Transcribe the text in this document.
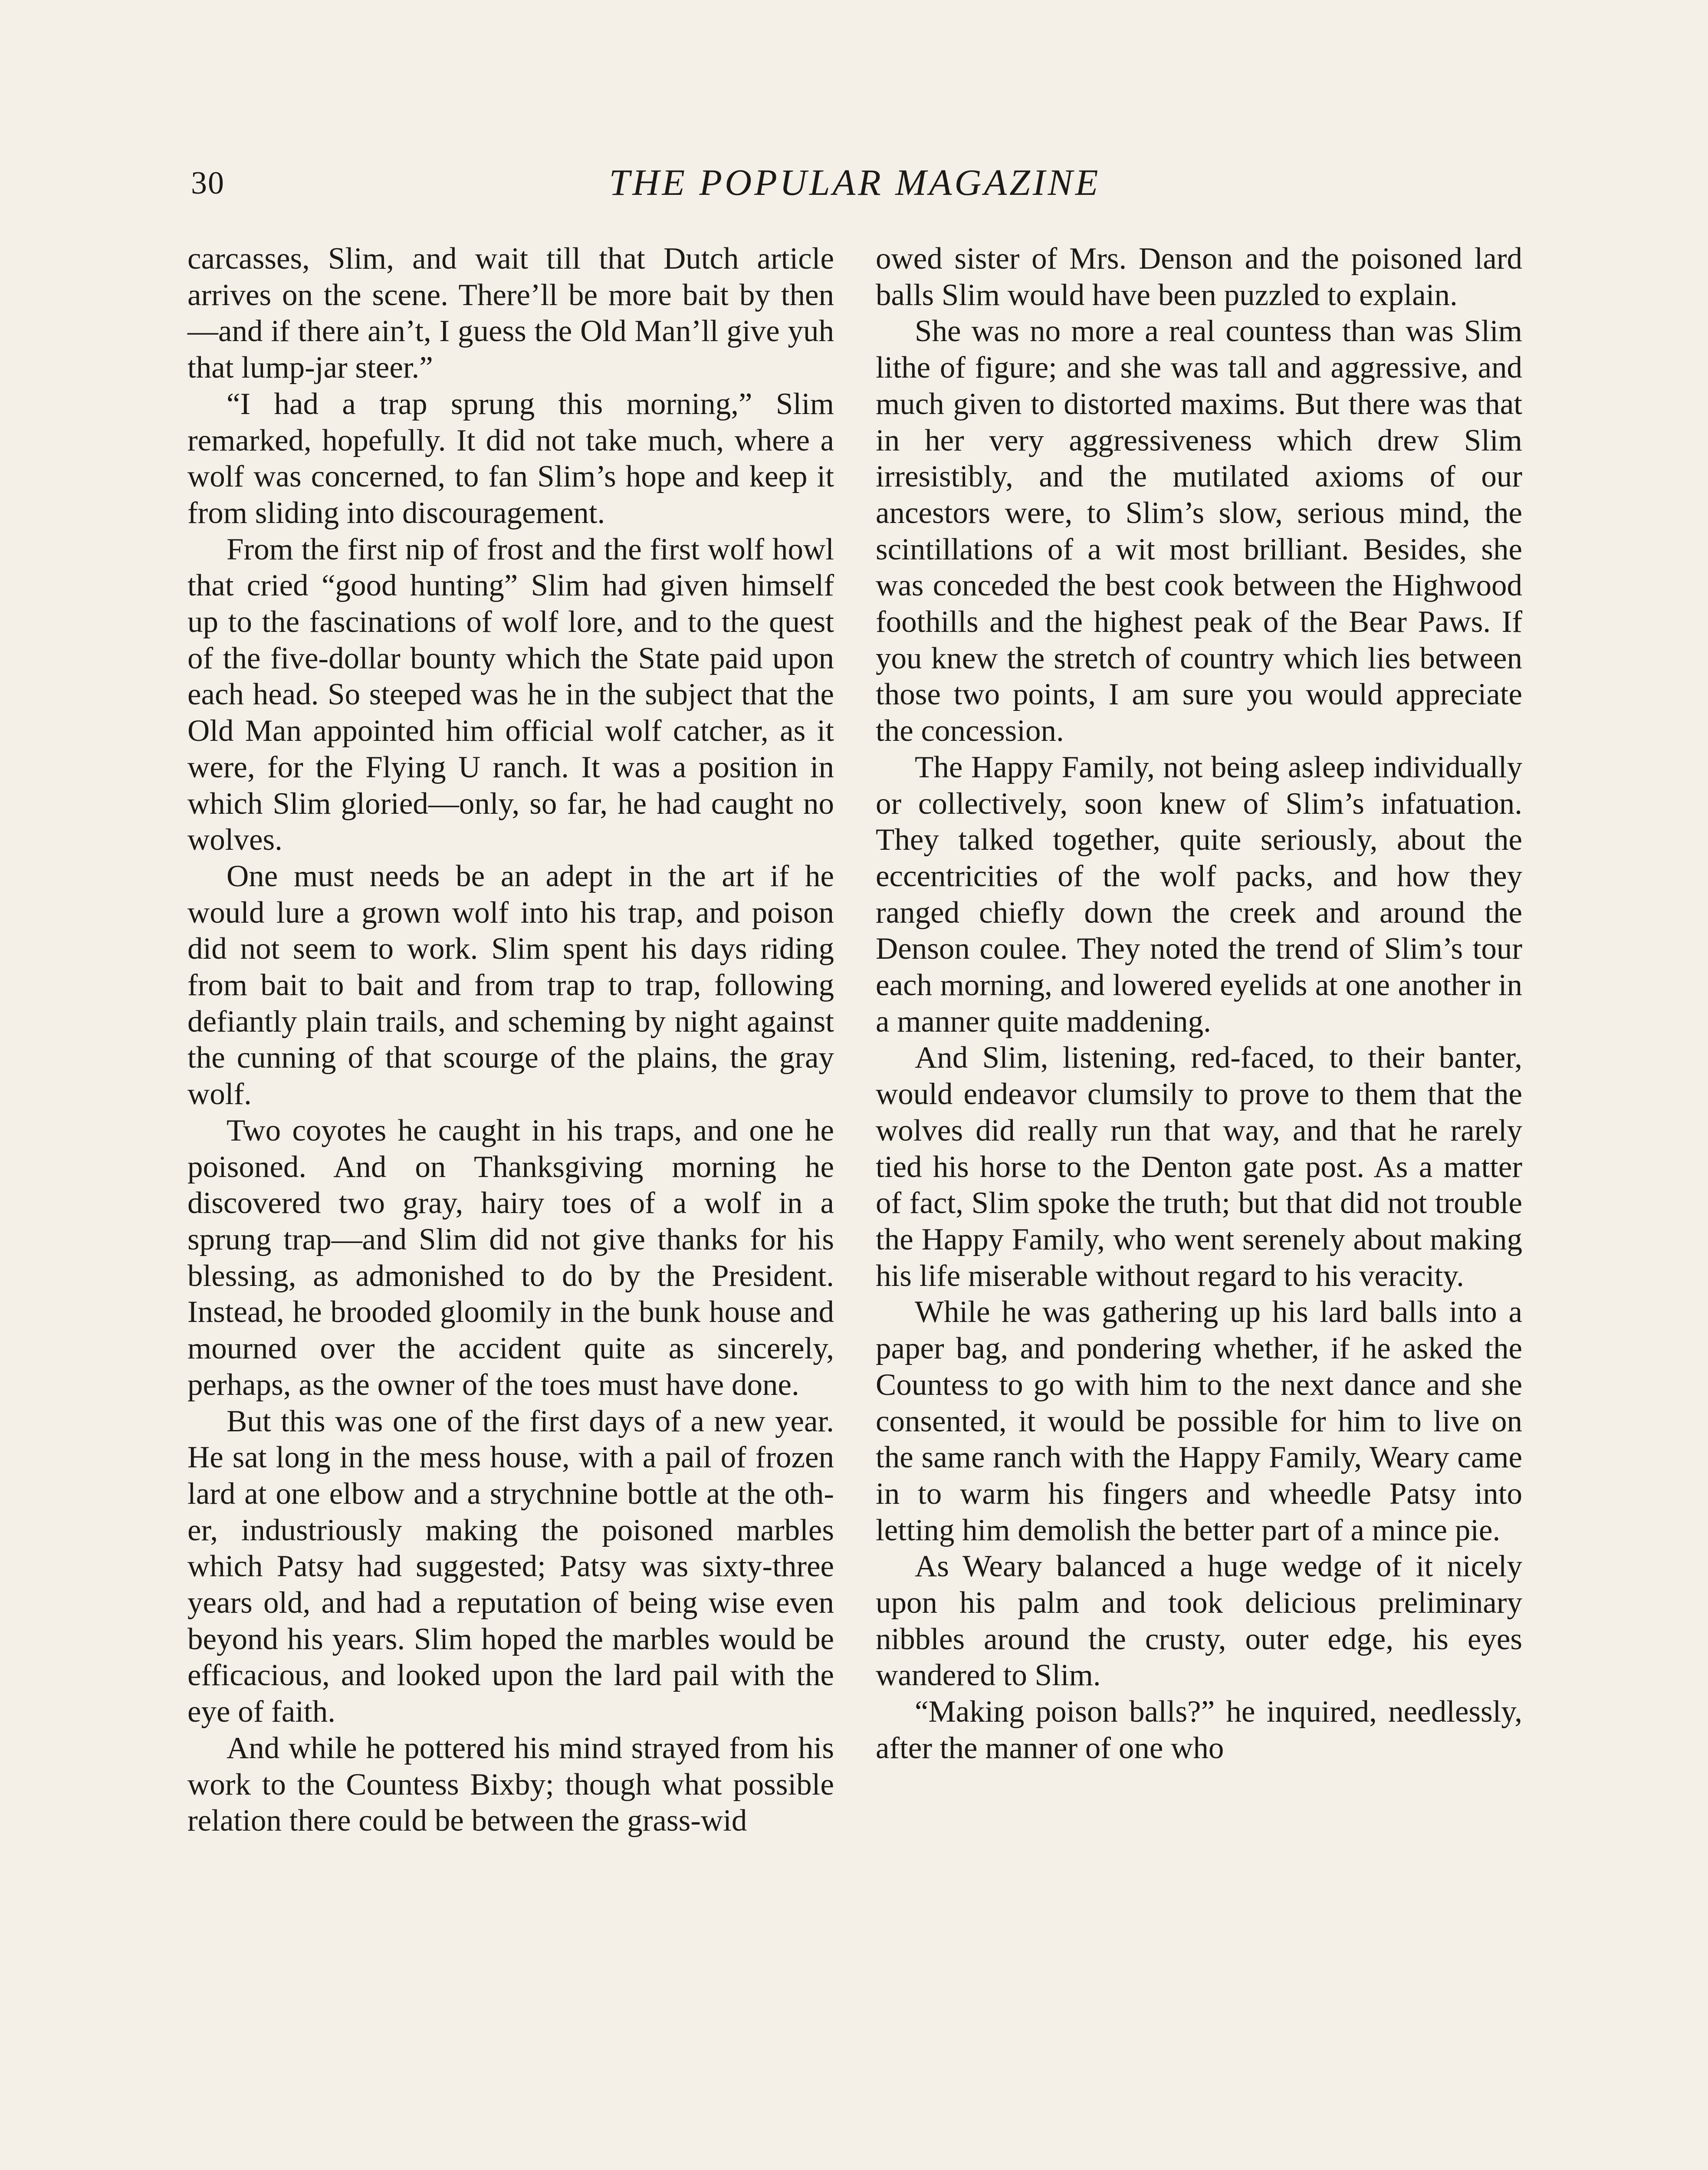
30	THE POPULAR MAGAZINE

carcasses, Slim, and wait till that Dutch article arrives on the scene. There’ll be more bait by then—and if there ain’t, I guess the Old Man’ll give yuh that lump-jar steer.”

“I had a trap sprung this morning,” Slim remarked, hopefully. It did not take much, where a wolf was concerned, to fan Slim’s hope and keep it from sliding into discouragement.

From the first nip of frost and the first wolf howl that cried “good hunting” Slim had given himself up to the fascinations of wolf lore, and to the quest of the five-dollar bounty which the State paid upon each head. So steeped was he in the subject that the Old Man appointed him official wolf catcher, as it were, for the Flying U ranch. It was a position in which Slim gloried—only, so far, he had caught no wolves.

One must needs be an adept in the art if he would lure a grown wolf into his trap, and poison did not seem to work. Slim spent his days riding from bait to bait and from trap to trap, following defiantly plain trails, and scheming by night against the cunning of that scourge of the plains, the gray wolf.

Two coyotes he caught in his traps, and one he poisoned. And on Thanksgiving morning he discovered two gray, hairy toes of a wolf in a sprung trap—and Slim did not give thanks for his blessing, as admonished to do by the President. Instead, he brooded gloomily in the bunk house and mourned over the accident quite as sincerely, perhaps, as the owner of the toes must have done.

But this was one of the first days of a new year. He sat long in the mess house, with a pail of frozen lard at one elbow and a strychnine bottle at the other, industriously making the poisoned marbles which Patsy had suggested; Patsy was sixty-three years old, and had a reputation of being wise even beyond his years. Slim hoped the marbles would be efficacious, and looked upon the lard pail with the eye of faith.

And while he pottered his mind strayed from his work to the Countess Bixby; though what possible relation there could be between the grass-wid

owed sister of Mrs. Denson and the poisoned lard balls Slim would have been puzzled to explain.

She was no more a real countess than was Slim lithe of figure; and she was tall and aggressive, and much given to distorted maxims. But there was that in her very aggressiveness which drew Slim irresistibly, and the mutilated axioms of our ancestors were, to Slim’s slow, serious mind, the scintillations of a wit most brilliant. Besides, she was conceded the best cook between the Highwood foothills and the highest peak of the Bear Paws. If you knew the stretch of country which lies between those two points, I am sure you would appreciate the concession.

The Happy Family, not being asleep individually or collectively, soon knew of Slim’s infatuation. They talked together, quite seriously, about the eccentricities of the wolf packs, and how they ranged chiefly down the creek and around the Denson coulee. They noted the trend of Slim’s tour each morning, and lowered eyelids at one another in a manner quite maddening.

And Slim, listening, red-faced, to their banter, would endeavor clumsily to prove to them that the wolves did really run that way, and that he rarely tied his horse to the Denton gate post. As a matter of fact, Slim spoke the truth; but that did not trouble the Happy Family, who went serenely about making his life miserable without regard to his veracity.

While he was gathering up his lard balls into a paper bag, and pondering whether, if he asked the Countess to go with him to the next dance and she consented, it would be possible for him to live on the same ranch with the Happy Family, Weary came in to warm his fingers and wheedle Patsy into letting him demolish the better part of a mince pie.

As Weary balanced a huge wedge of it nicely upon his palm and took delicious preliminary nibbles around the crusty, outer edge, his eyes wandered to Slim.

“Making poison balls?” he inquired, needlessly, after the manner of one who
